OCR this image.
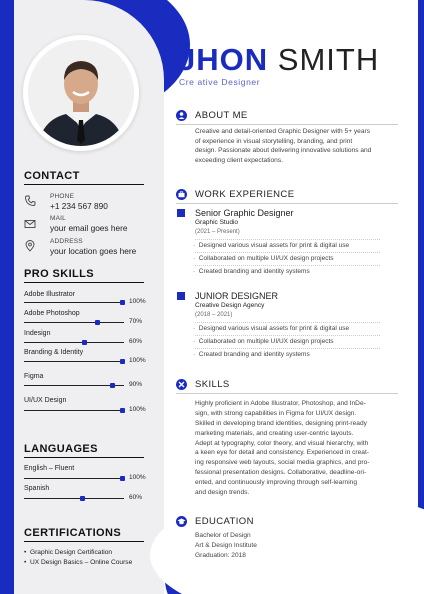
CONTACT
PHONE
+1 234 567 890
MAIL
your email goes here
ADDRESS
your location goes here
PRO SKILLS
Adobe Illustrator
100%
Adobe Photoshop
70%
Indesign
60%
Branding & Identity
100%
Figma
90%
UI/UX Design
100%
LANGUAGES
English – Fluent
100%
Spanish
60%
CERTIFICATIONS
•  Graphic Design Certification
•  UX Design Basics – Online Course
JHON SMITH
Cre ative Designer
ABOUT ME
Creative and detail-oriented Graphic Designer with 5+ years
of experience in visual storytelling, branding, and print
design. Passionate about delivering innovative solutions and
exceeding client expectations.
WORK EXPERIENCE
Senior Graphic Designer
Graphic Studio
(2021 – Present)
·  Designed various visual assets for print & digital use
·  Collaborated on multiple UI/UX design projects
·  Created branding and identity systems
JUNIOR DESIGNER
Creative Design Agency
(2018 – 2021)
·  Designed various visual assets for print & digital use
·  Collaborated on multiple UI/UX design projects
·  Created branding and identity systems
SKILLS
Highly proficient in Adobe Illustrator, Photoshop, and InDe-
sign, with strong capabilities in Figma for UI/UX design.
Skilled in developing brand identities, designing print-ready
marketing materials, and creating user-centric layouts.
Adept at typography, color theory, and visual hierarchy, with
a keen eye for detail and consistency. Experienced in creat-
ing responsive web layouts, social media graphics, and pro-
fessional presentation designs. Collaborative, deadline-ori-
ented, and continuously improving through self-learning
and design trends.
EDUCATION
Bachelor of Design
Art & Design Institute
Graduation: 2018
